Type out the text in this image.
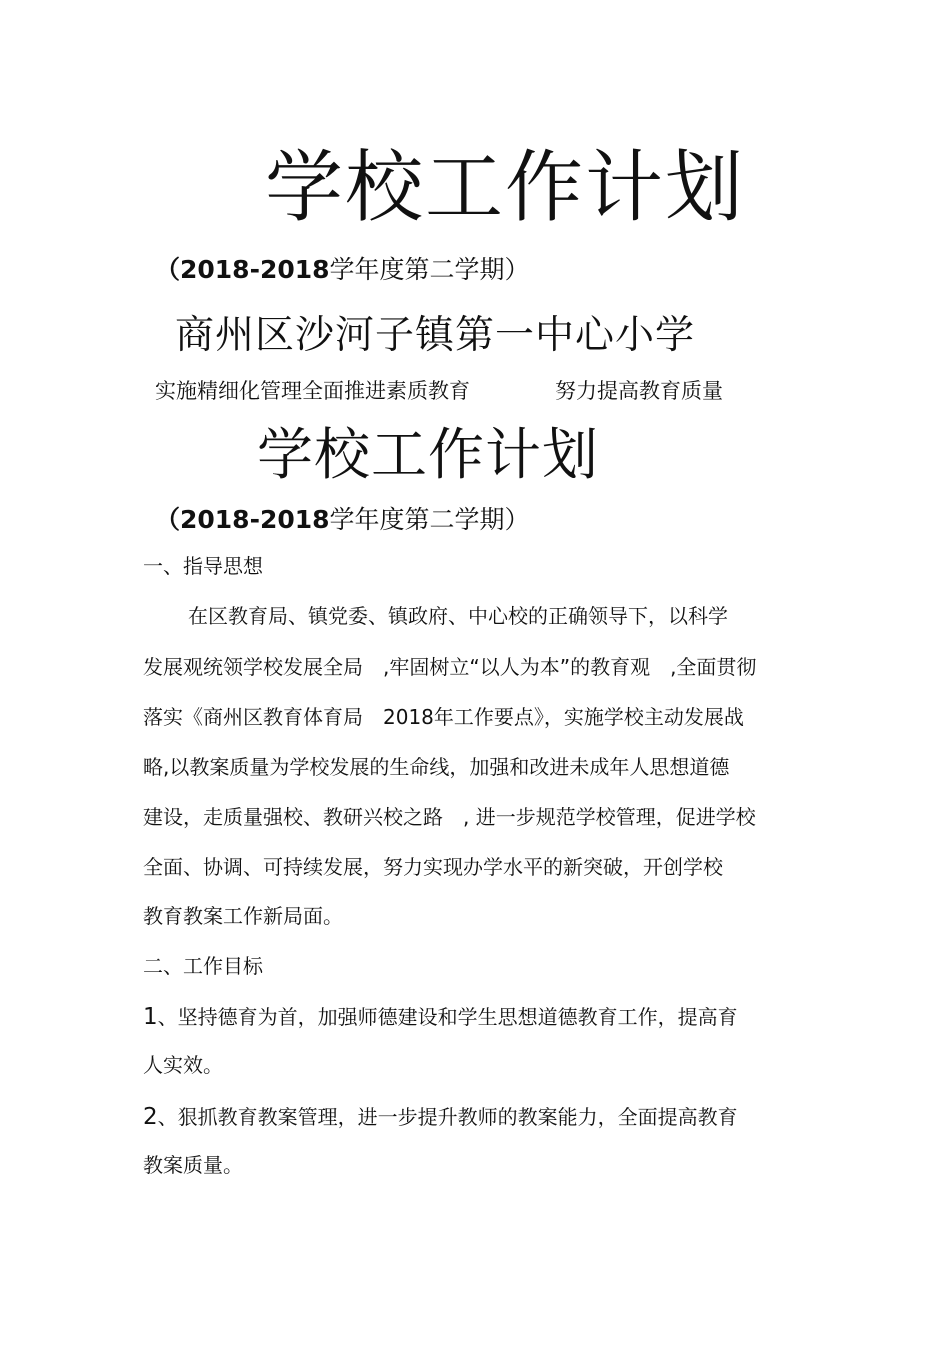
学校工作计划
（2018-2018学年度第二学期）
商州区沙河子镇第一中心小学
实施精细化管理全面推进素质教育	努力提高教育质量
学校工作计划
（2018-2018学年度第二学期）
一、指导思想
在区教育局、镇党委、镇政府、中心校的正确领导下，以科学
发展观统领学校发展全局　,牢固树立“以人为本”的教育观　,全面贯彻
落实《商州区教育体育局　2018年工作要点》，实施学校主动发展战
略,以教案质量为学校发展的生命线，加强和改进未成年人思想道德
建设，走质量强校、教研兴校之路　, 进一步规范学校管理，促进学校
全面、协调、可持续发展，努力实现办学水平的新突破，开创学校
教育教案工作新局面。
二、工作目标
1、坚持德育为首，加强师德建设和学生思想道德教育工作，提高育
人实效。
2、狠抓教育教案管理，进一步提升教师的教案能力，全面提高教育
教案质量。
